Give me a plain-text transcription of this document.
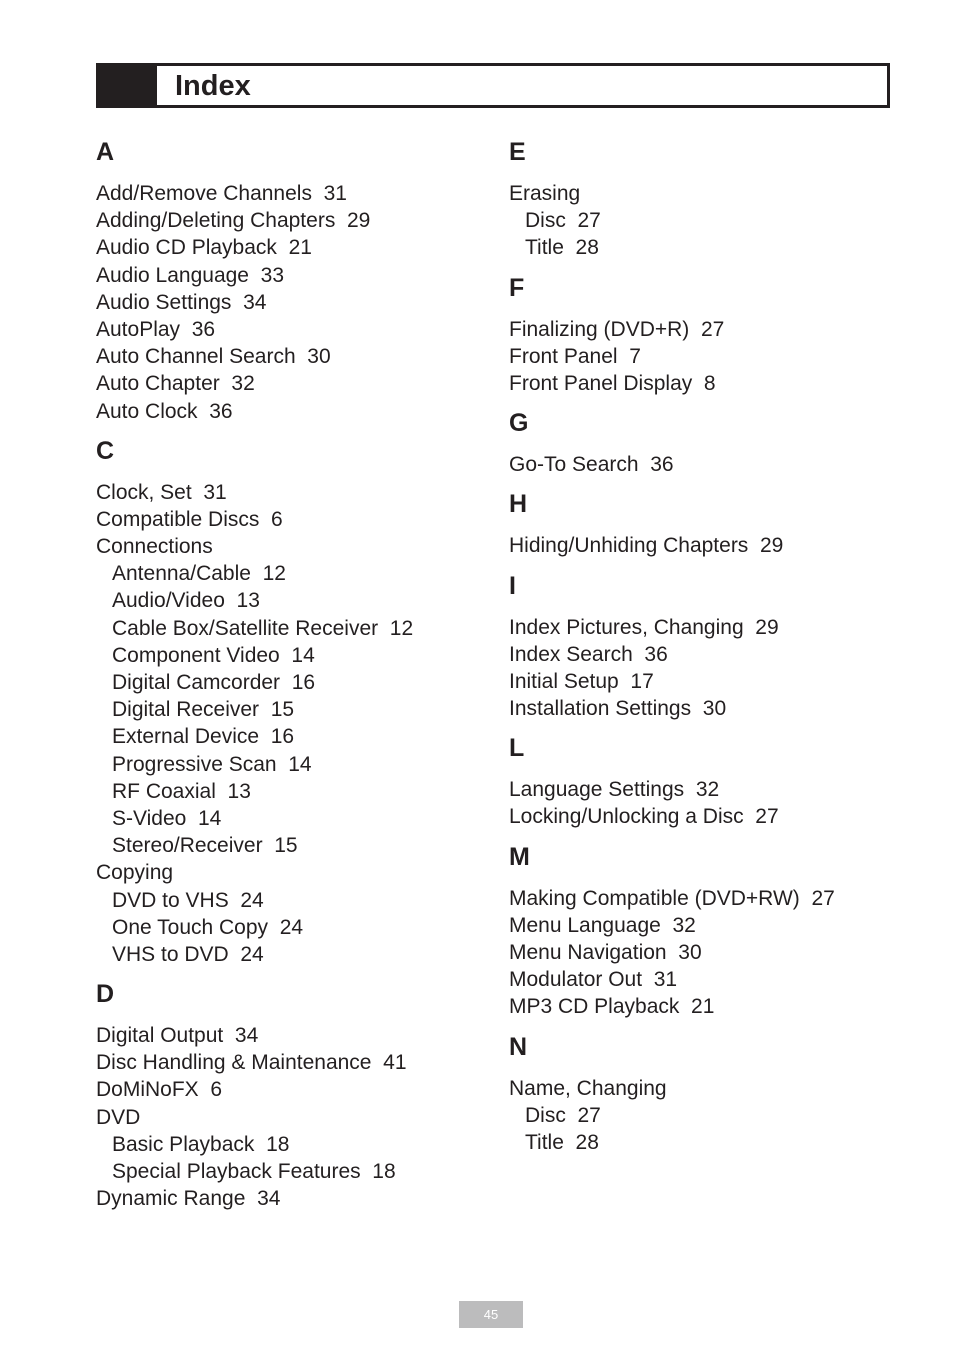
Index
A
Add/Remove Channels  31
Adding/Deleting Chapters  29
Audio CD Playback  21
Audio Language  33
Audio Settings  34
AutoPlay  36
Auto Channel Search  30
Auto Chapter  32
Auto Clock  36
C
Clock, Set  31
Compatible Discs  6
Connections
Antenna/Cable  12
Audio/Video  13
Cable Box/Satellite Receiver  12
Component Video  14
Digital Camcorder  16
Digital Receiver  15
External Device  16
Progressive Scan  14
RF Coaxial  13
S-Video  14
Stereo/Receiver  15
Copying
DVD to VHS  24
One Touch Copy  24
VHS to DVD  24
D
Digital Output  34
Disc Handling & Maintenance  41
DoMiNoFX  6
DVD
Basic Playback  18
Special Playback Features  18
Dynamic Range  34
E
Erasing
Disc  27
Title  28
F
Finalizing (DVD+R)  27
Front Panel  7
Front Panel Display  8
G
Go-To Search  36
H
Hiding/Unhiding Chapters  29
I
Index Pictures, Changing  29
Index Search  36
Initial Setup  17
Installation Settings  30
L
Language Settings  32
Locking/Unlocking a Disc  27
M
Making Compatible (DVD+RW)  27
Menu Language  32
Menu Navigation  30
Modulator Out  31
MP3 CD Playback  21
N
Name, Changing
Disc  27
Title  28
45
